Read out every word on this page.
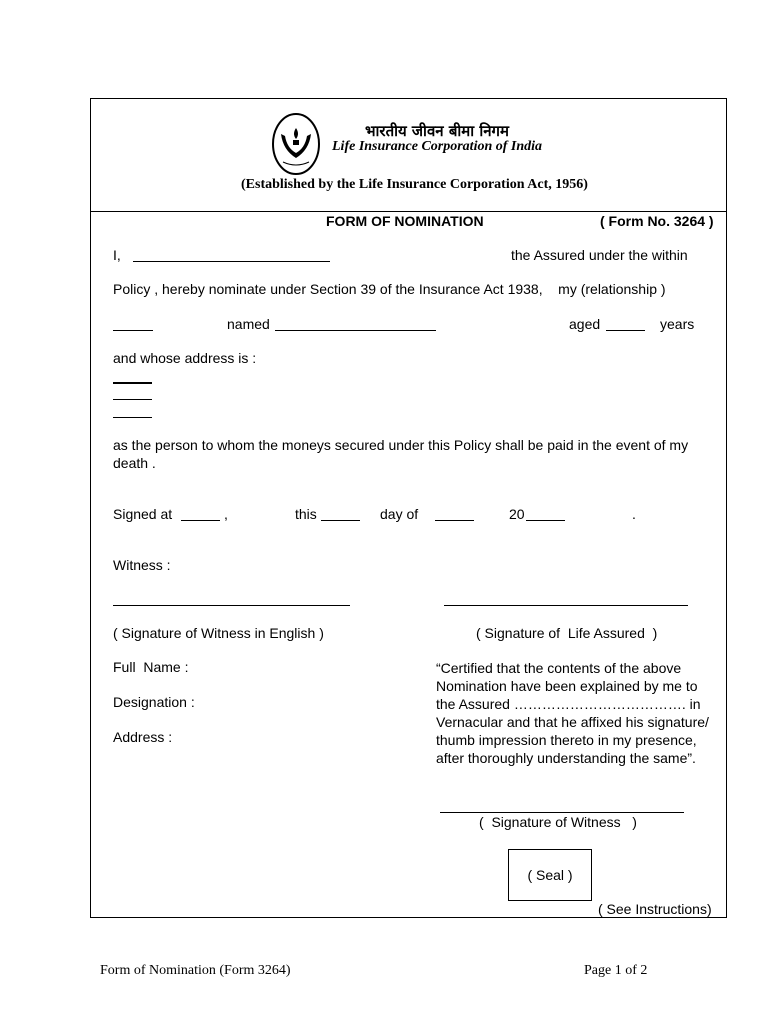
भारतीय जीवन बीमा निगम
Life Insurance Corporation of India
(Established by the Life Insurance Corporation Act, 1956)
FORM OF NOMINATION	( Form No. 3264 )
I,	the Assured under the within
Policy , hereby nominate under Section 39 of the Insurance Act 1938,    my (relationship )
named	aged	years
and whose address is :
as the person to whom the moneys secured under this Policy shall be paid in the event of my death .
Signed at	,	this	day of	20	.
Witness :
( Signature of Witness in English )	( Signature of  Life Assured  )
Full  Name :
Designation :
Address :
“Certified that the contents of the above Nomination have been explained by me to the Assured ………………………………. in Vernacular and that he affixed his signature/ thumb impression thereto in my presence, after thoroughly understanding the same”.
(  Signature of Witness   )
( Seal )
( See Instructions)
Form of Nomination (Form 3264)	Page 1 of 2
